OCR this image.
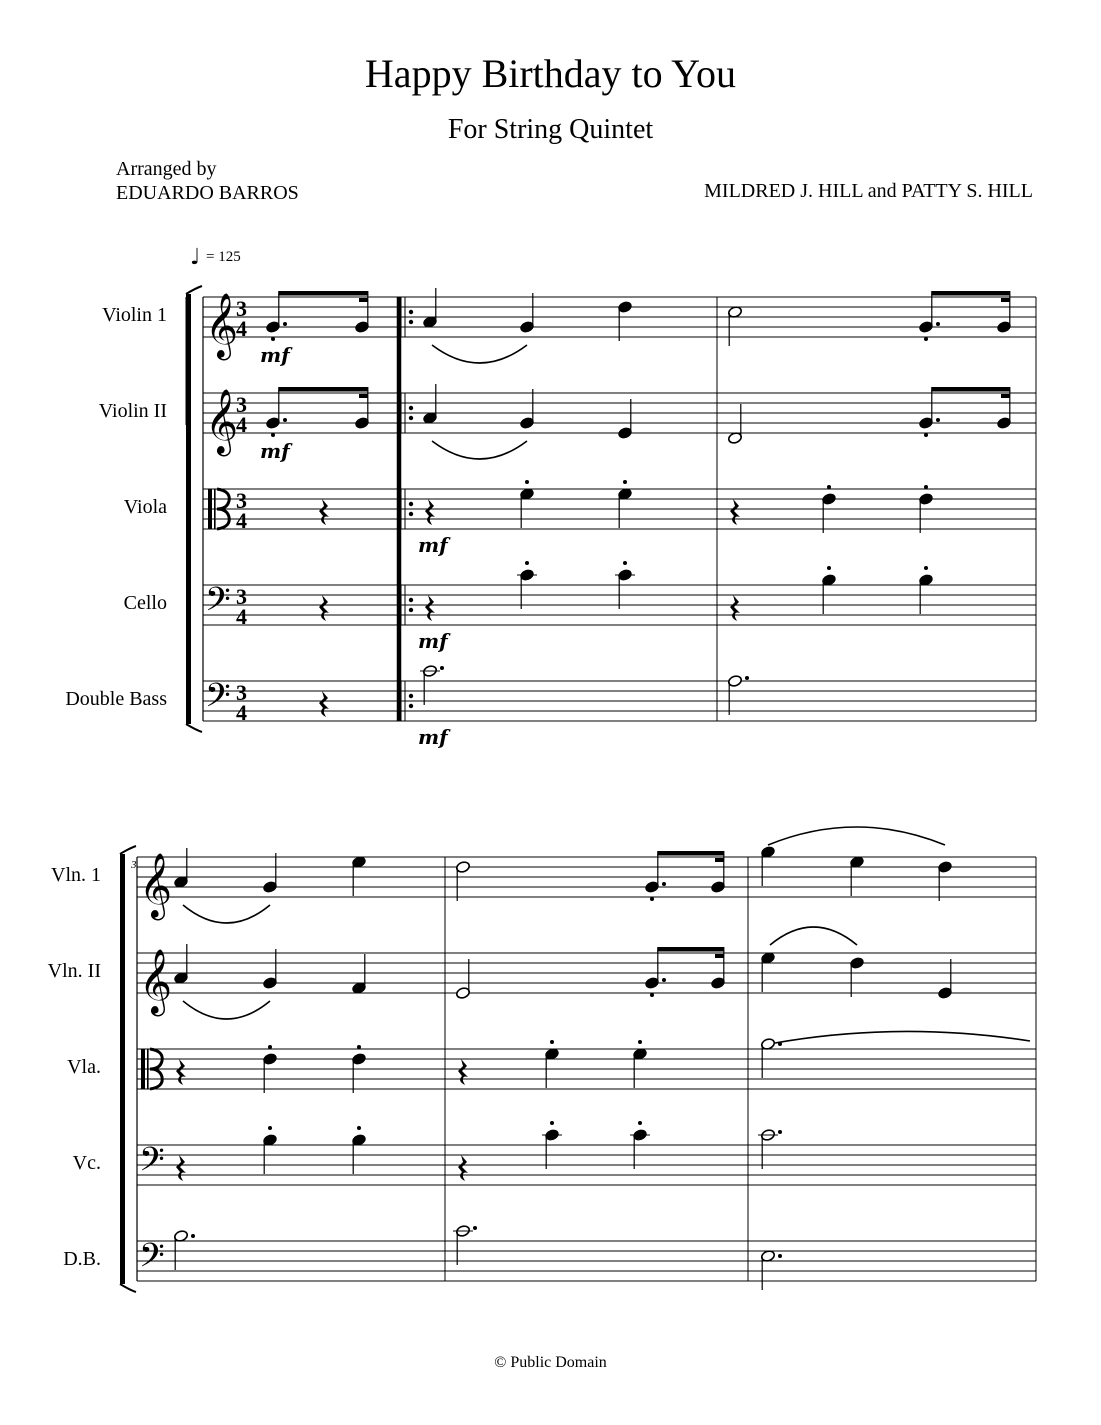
Happy Birthday to You
For String Quintet
Arranged by
EDUARDO BARROS	MILDRED J. HILL and PATTY S. HILL
Violin 1
Violin II
Viola
Cello
Double Bass
Vln. 1
Vln. II
Vla.
Vc.
D.B.
© Public Domain
♩ = 125
3
𝄞
3
4
𝄞
3
4
3
4
𝄢 3
4
𝄢 3
4
mf
mf
mf
mf
mf
𝄞
𝄞
𝄢
𝄢
